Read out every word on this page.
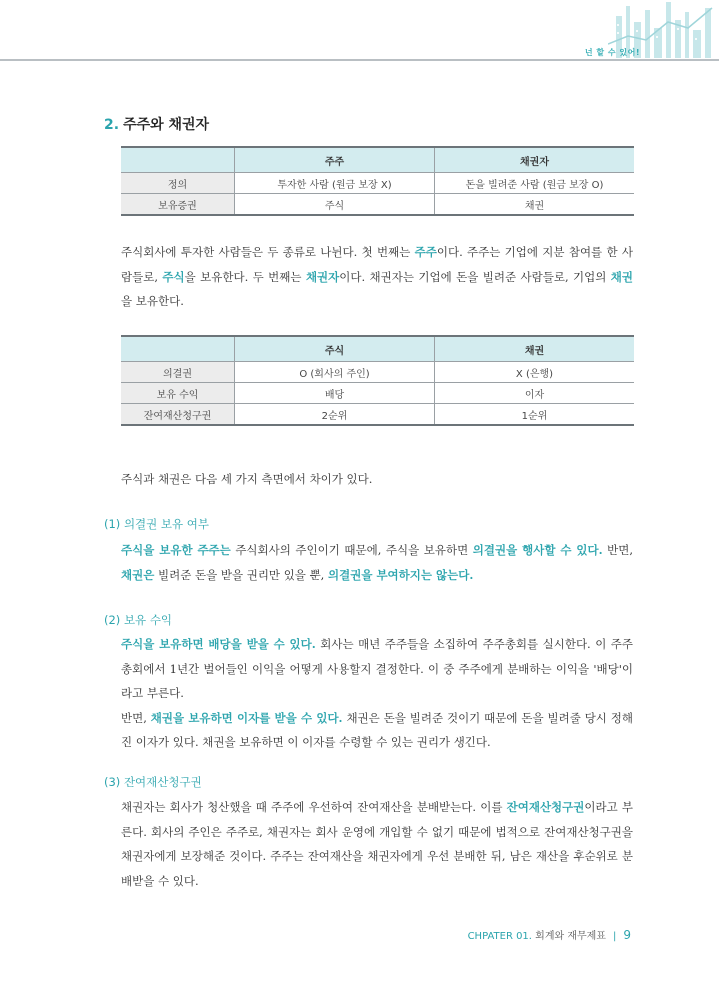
넌 할 수 있어!
2. 주주와 채권자
	주주	채권자
정의	투자한 사람 (원금 보장 X)	돈을 빌려준 사람 (원금 보장 O)
보유증권	주식	채권
주식회사에 투자한 사람들은 두 종류로 나뉜다. 첫 번째는 주주이다. 주주는 기업에 지분 참여를 한 사람들로, 주식을 보유한다. 두 번째는 채권자이다. 채권자는 기업에 돈을 빌려준 사람들로, 기업의 채권을 보유한다.
	주식	채권
의결권	O (회사의 주인)	X (은행)
보유 수익	배당	이자
잔여재산청구권	2순위	1순위
주식과 채권은 다음 세 가지 측면에서 차이가 있다.
(1) 의결권 보유 여부
주식을 보유한 주주는 주식회사의 주인이기 때문에, 주식을 보유하면 의결권을 행사할 수 있다. 반면, 채권은 빌려준 돈을 받을 권리만 있을 뿐, 의결권을 부여하지는 않는다.
(2) 보유 수익
주식을 보유하면 배당을 받을 수 있다. 회사는 매년 주주들을 소집하여 주주총회를 실시한다. 이 주주총회에서 1년간 벌어들인 이익을 어떻게 사용할지 결정한다. 이 중 주주에게 분배하는 이익을 '배당'이라고 부른다.
반면, 채권을 보유하면 이자를 받을 수 있다. 채권은 돈을 빌려준 것이기 때문에 돈을 빌려줄 당시 정해진 이자가 있다. 채권을 보유하면 이 이자를 수령할 수 있는 권리가 생긴다.
(3) 잔여재산청구권
채권자는 회사가 청산했을 때 주주에 우선하여 잔여재산을 분배받는다. 이를 잔여재산청구권이라고 부른다. 회사의 주인은 주주로, 채권자는 회사 운영에 개입할 수 없기 때문에 법적으로 잔여재산청구권을 채권자에게 보장해준 것이다. 주주는 잔여재산을 채권자에게 우선 분배한 뒤, 남은 재산을 후순위로 분배받을 수 있다.
CHPATER 01. 회계와 재무제표 | 9
